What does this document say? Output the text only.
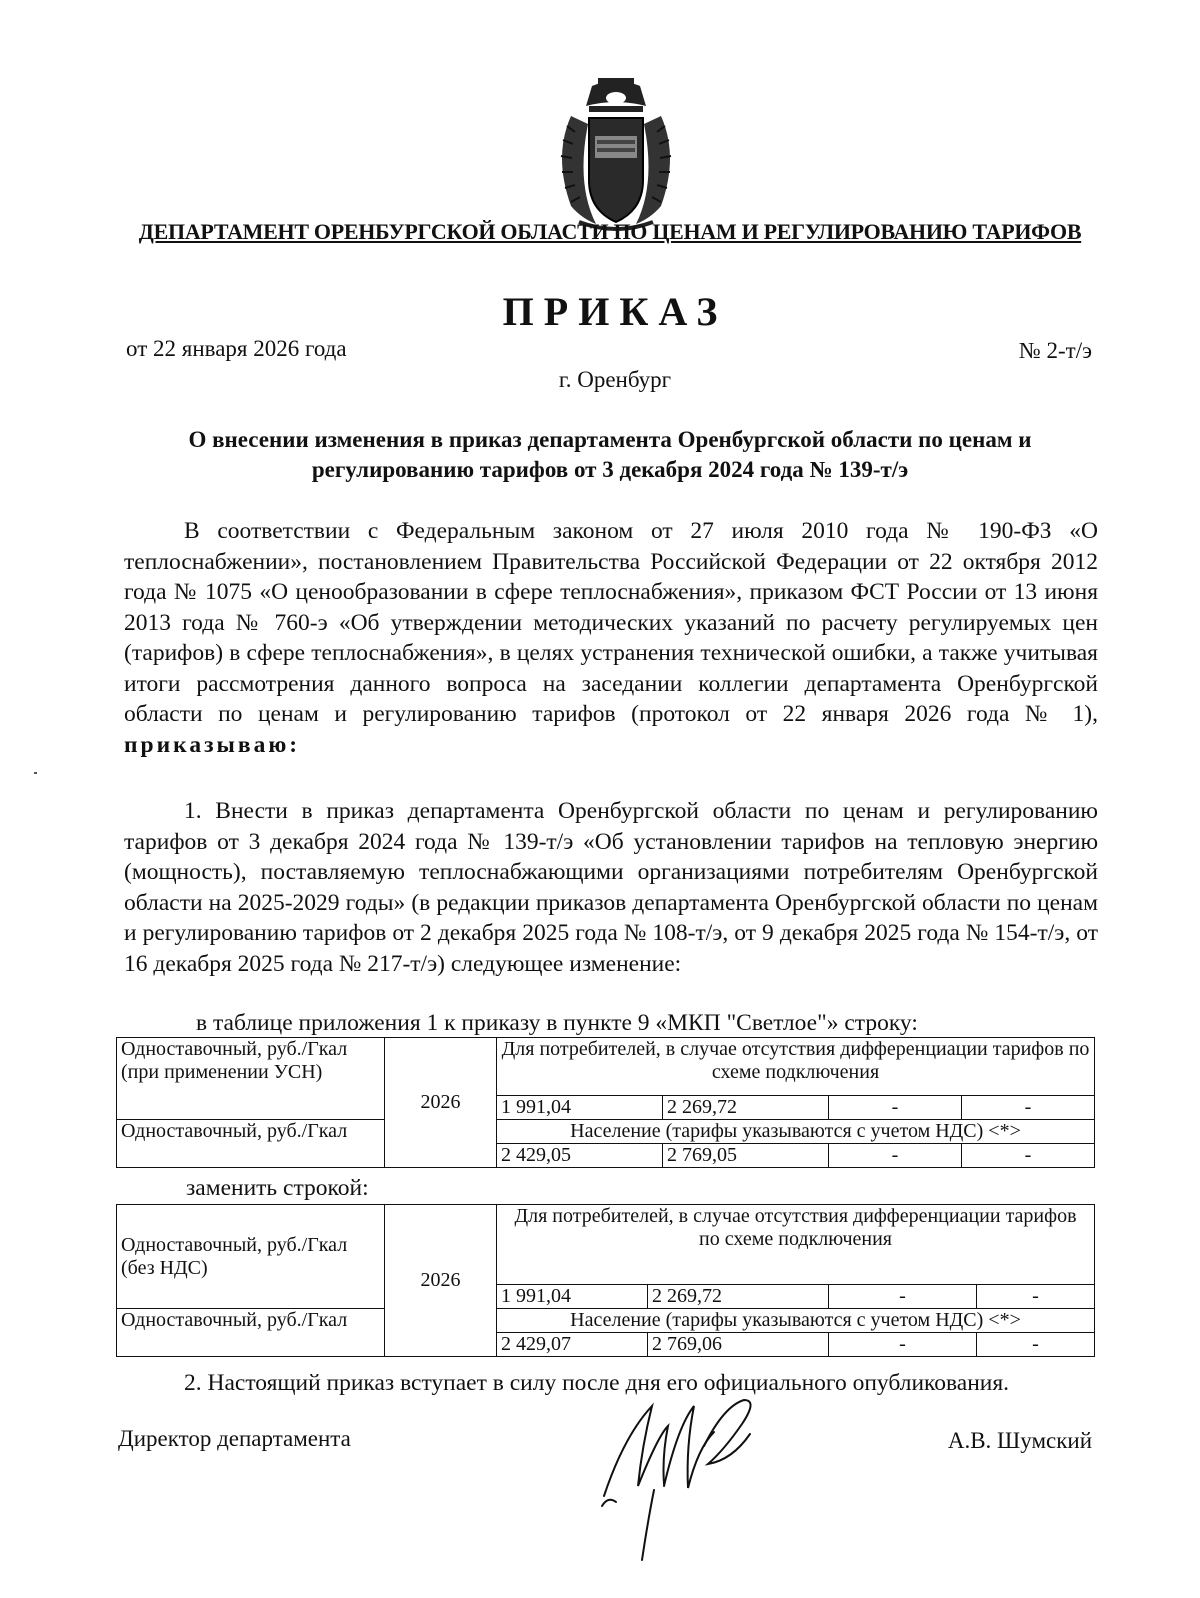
ДЕПАРТАМЕНТ ОРЕНБУРГСКОЙ ОБЛАСТИ ПО ЦЕНАМ И РЕГУЛИРОВАНИЮ ТАРИФОВ
ПРИКАЗ
от 22 января 2026 года	№ 2-т/э
г. Оренбург
О внесении изменения в приказ департамента Оренбургской области по ценам и регулированию тарифов от 3 декабря 2024 года № 139-т/э

В соответствии с Федеральным законом от 27 июля 2010 года № 190-ФЗ «О теплоснабжении», постановлением Правительства Российской Федерации от 22 октября 2012 года № 1075 «О ценообразовании в сфере теплоснабжения», приказом ФСТ России от 13 июня 2013 года № 760-э «Об утверждении методических указаний по расчету регулируемых цен (тарифов) в сфере теплоснабжения», в целях устранения технической ошибки, а также учитывая итоги рассмотрения данного вопроса на заседании коллегии департамента Оренбургской области по ценам и регулированию тарифов (протокол от 22 января 2026 года № 1), приказываю:

1. Внести в приказ департамента Оренбургской области по ценам и регулированию тарифов от 3 декабря 2024 года № 139-т/э «Об установлении тарифов на тепловую энергию (мощность), поставляемую теплоснабжающими организациями потребителям Оренбургской области на 2025-2029 годы» (в редакции приказов департамента Оренбургской области по ценам и регулированию тарифов от 2 декабря 2025 года № 108-т/э, от 9 декабря 2025 года № 154-т/э, от 16 декабря 2025 года № 217-т/э) следующее изменение:

в таблице приложения 1 к приказу в пункте 9 «МКП "Светлое"» строку:
Одноставочный, руб./Гкал (при применении УСН)	2026	Для потребителей, в случае отсутствия дифференциации тарифов по схеме подключения			
		1 991,04	2 269,72	-	-
Одноставочный, руб./Гкал		Население (тарифы указываются с учетом НДС) <*>			
		2 429,05	2 769,05	-	-
заменить строкой:
Одноставочный, руб./Гкал (без НДС)	2026	Для потребителей, в случае отсутствия дифференциации тарифов
по схеме подключения			

		1 991,04	2 269,72	-	-
Одноставочный, руб./Гкал		Население (тарифы указываются с учетом НДС) <*>			
		2 429,07	2 769,06	-	-

2. Настоящий приказ вступает в силу после дня его официального опубликования.

Директор департамента	А.В. Шумский
